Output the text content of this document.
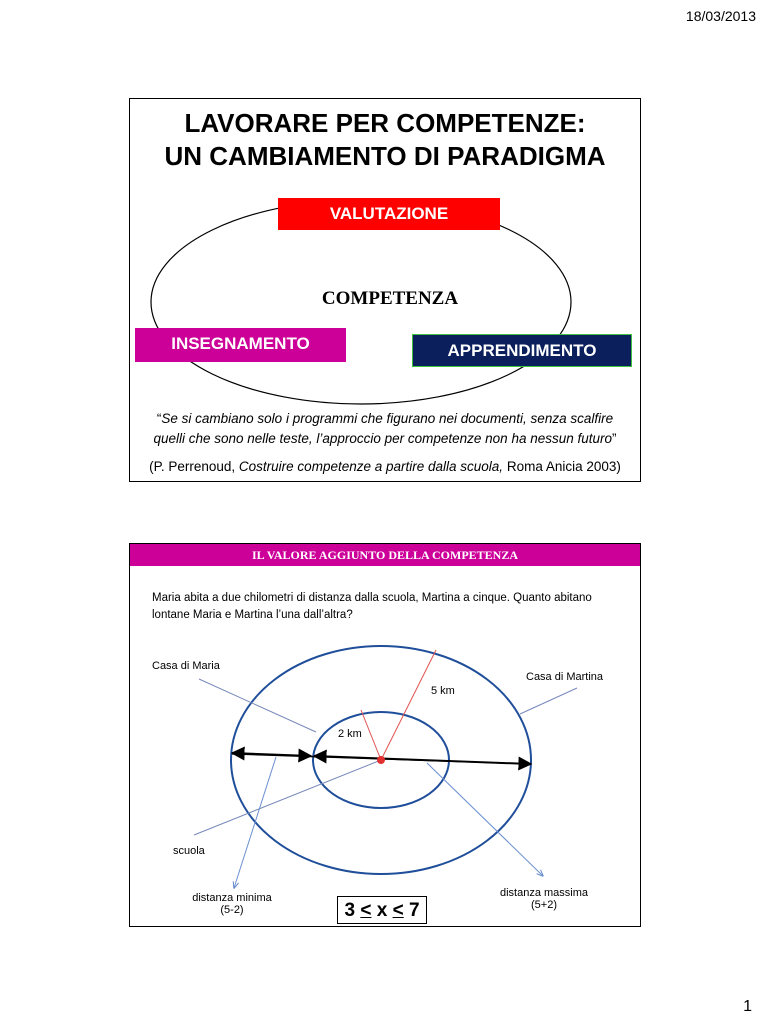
18/03/2013
LAVORARE PER COMPETENZE:
UN CAMBIAMENTO DI PARADIGMA
VALUTAZIONE
COMPETENZA
INSEGNAMENTO	APPRENDIMENTO
“Se si cambiano solo i programmi che figurano nei documenti, senza scalfire quelli che sono nelle teste, l’approccio per competenze non ha nessun futuro”
(P. Perrenoud, Costruire competenze a partire dalla scuola, Roma Anicia 2003)
IL VALORE AGGIUNTO DELLA COMPETENZA
Maria abita a due chilometri di distanza dalla scuola, Martina a cinque. Quanto abitano lontane Maria e Martina l’una dall’altra?
Casa di Maria
Casa di Martina
5 km
2 km
scuola
distanza minima
(5-2)
distanza massima
(5+2)
3 < x < 7
1
